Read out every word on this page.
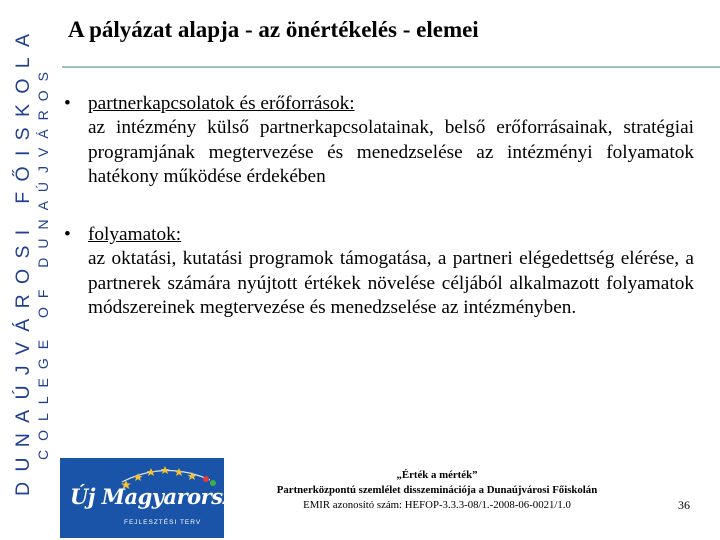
DUNAÚJVÁROSI FŐISKOLA
COLLEGE OF DUNAÚJVÁROS
A pályázat alapja - az önértékelés - elemei
• partnerkapcsolatok és erőforrások:
az intézmény külső partnerkapcsolatainak, belső erőforrásainak, stratégiai programjának megtervezése és menedzselése az intézményi folyamatok hatékony működése érdekében
• folyamatok:
az oktatási, kutatási programok támogatása, a partneri elégedettség elérése, a partnerek számára nyújtott értékek növelése céljából alkalmazott folyamatok módszereinek megtervezése és menedzselése az intézményben.
Új Magyarország
FEJLESZTÉSI TERV
„Érték a mérték”
Partnerközpontú szemlélet disszeminációja a Dunaújvárosi Főiskolán
EMIR azonosító szám: HEFOP-3.3.3-08/1.-2008-06-0021/1.0	36
